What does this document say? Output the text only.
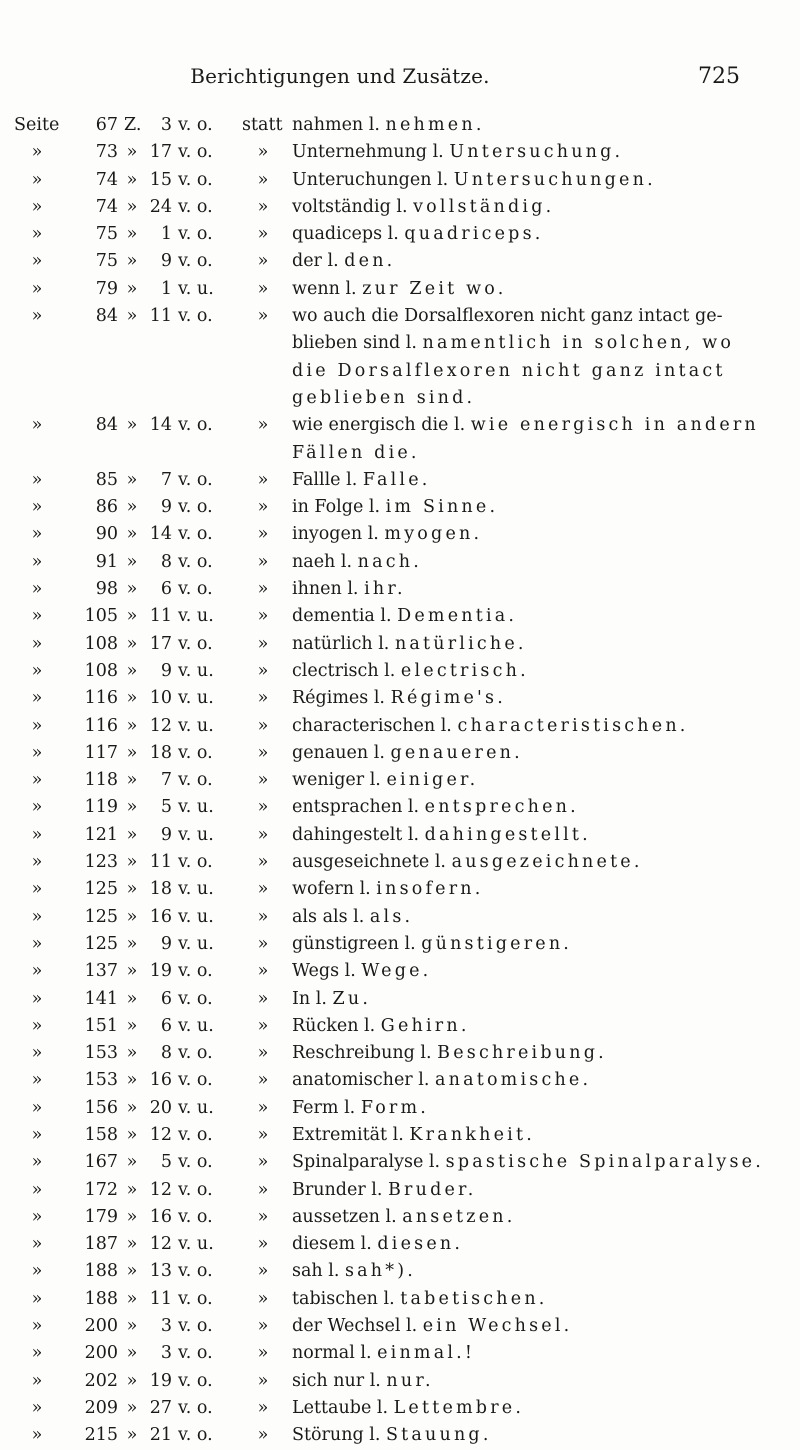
Berichtigungen und Zusätze.	725
Seite	67 Z.	3 v. o.	statt nahmen l. nehmen.
»	73 » 17 v. o.	» Unternehmung l. Untersuchung.
»	74 » 15 v. o.	» Unteruchungen l. Untersuchungen.
»	74 » 24 v. o.	» voltständig l. vollständig.
»	75 »	1 v. o.	» quadiceps l. quadriceps.
»	75 »	9 v. o.	» der l. den.
»	79 »	1 v. u.	» wenn l. zur Zeit wo.
»	84 » 11 v. o.	» wo auch die Dorsalflexoren nicht ganz intact ge- blieben sind l. namentlich in solchen, wo die Dorsalflexoren nicht ganz intact geblieben sind.
»	84 » 14 v. o.	» wie energisch die l. wie energisch in andern Fällen die.
»	85 »	7 v. o.	» Fallle l. Falle.
»	86 »	9 v. o.	» in Folge l. im Sinne.
»	90 » 14 v. o.	» inyogen l. myogen.
»	91 »	8 v. o.	» naeh l. nach.
»	98 »	6 v. o.	» ihnen l. ihr.
»	105 » 11 v. u.	» dementia l. Dementia.
»	108 » 17 v. o.	» natürlich l. natürliche.
»	108 »	9 v. u.	» clectrisch l. electrisch.
»	116 » 10 v. u.	» Régimes l. Régime's.
»	116 » 12 v. u.	» characterischen l. characteristischen.
»	117 » 18 v. o.	» genauen l. genaueren.
»	118 »	7 v. o.	» weniger l. einiger.
»	119 »	5 v. u.	» entsprachen l. entsprechen.
»	121 »	9 v. u.	» dahingestelt l. dahingestellt.
»	123 » 11 v. o.	» ausgeseichnete l. ausgezeichnete.
»	125 » 18 v. u.	» wofern l. insofern.
»	125 » 16 v. u.	» als als l. als.
»	125 »	9 v. u.	» günstigreen l. günstigeren.
»	137 » 19 v. o.	» Wegs l. Wege.
»	141 »	6 v. o.	» In l. Zu.
»	151 »	6 v. u.	» Rücken l. Gehirn.
»	153 »	8 v. o.	» Reschreibung l. Beschreibung.
»	153 » 16 v. o.	» anatomischer l. anatomische.
»	156 » 20 v. u.	» Ferm l. Form.
»	158 » 12 v. o.	» Extremität l. Krankheit.
»	167 »	5 v. o.	» Spinalparalyse l. spastische Spinalparalyse.
»	172 » 12 v. o.	» Brunder l. Bruder.
»	179 » 16 v. o.	» aussetzen l. ansetzen.
»	187 » 12 v. u.	» diesem l. diesen.
»	188 » 13 v. o.	» sah l. sah*).
»	188 » 11 v. o.	» tabischen l. tabetischen.
»	200 »	3 v. o.	» der Wechsel l. ein Wechsel.
»	200 »	3 v. o.	» normal l. einmal.!
»	202 » 19 v. o.	» sich nur l. nur.
»	209 » 27 v. o.	» Lettaube l. Lettembre.
»	215 » 21 v. o.	» Störung l. Stauung.
